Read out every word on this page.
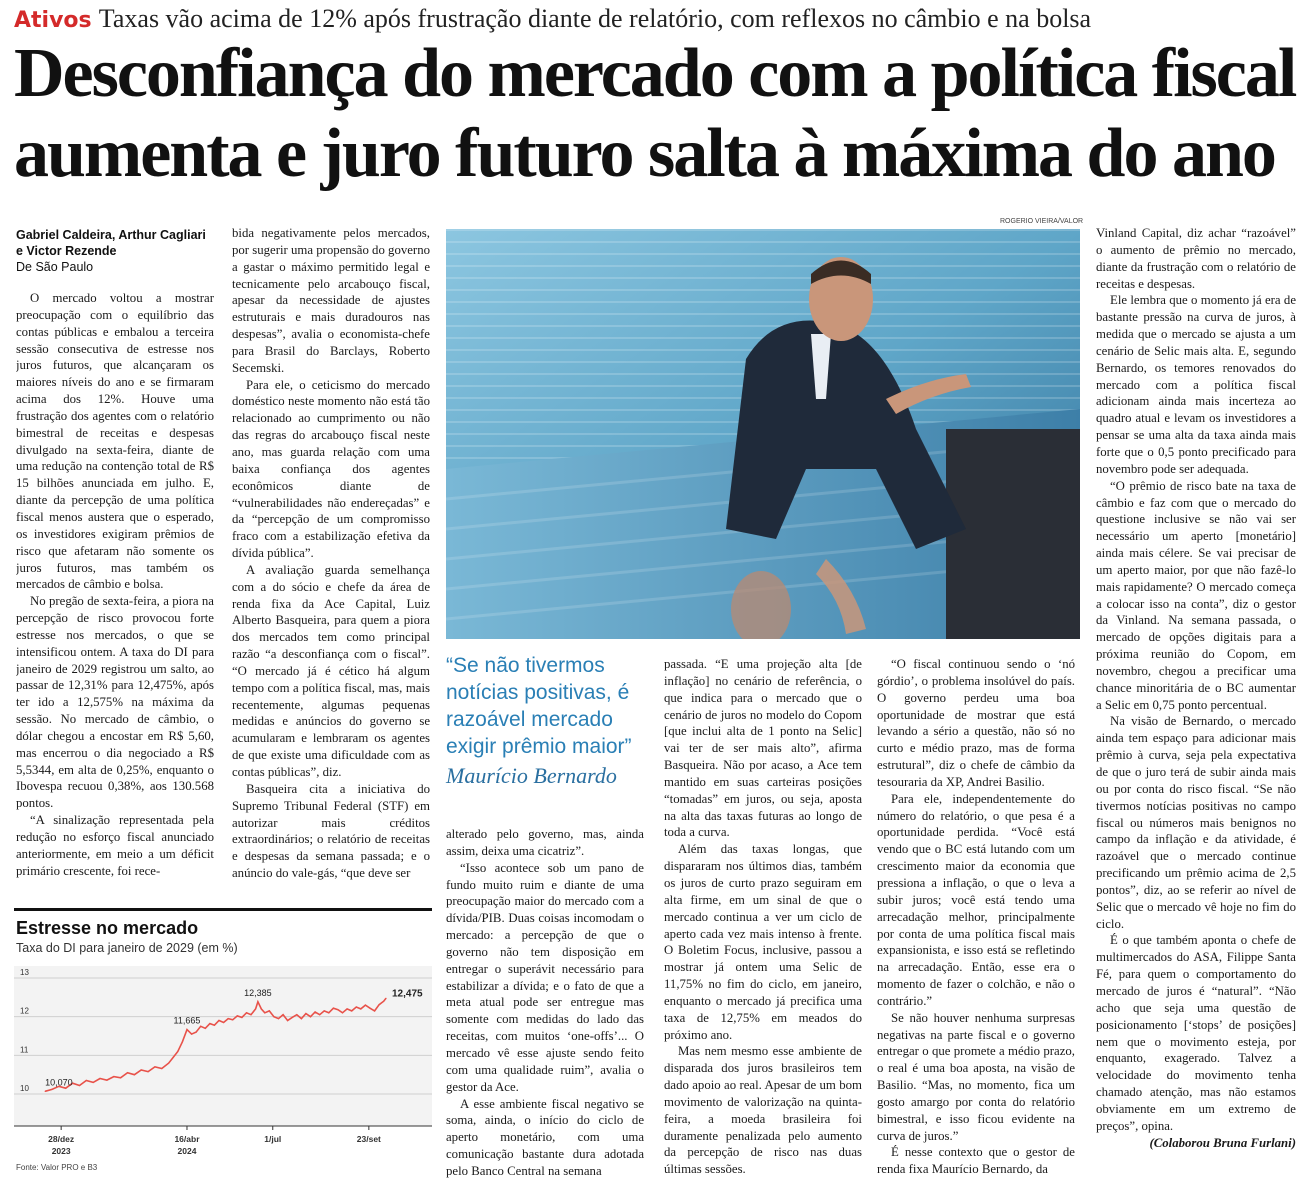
Ativos Taxas vão acima de 12% após frustração diante de relatório, com reflexos no câmbio e na bolsa
Desconfiança do mercado com a política fiscal
aumenta e juro futuro salta à máxima do ano
Gabriel Caldeira, Arthur Cagliari e Victor Rezende
De São Paulo

O mercado voltou a mostrar preocupação com o equilíbrio das contas públicas e embalou a terceira sessão consecutiva de estresse nos juros futuros, que alcançaram os maiores níveis do ano e se firmaram acima dos 12%. Houve uma frustração dos agentes com o relatório bimestral de receitas e despesas divulgado na sexta-feira, diante de uma redução na contenção total de R$ 15 bilhões anunciada em julho. E, diante da percepção de uma política fiscal menos austera que o esperado, os investidores exigiram prêmios de risco que afetaram não somente os juros futuros, mas também os mercados de câmbio e bolsa.

No pregão de sexta-feira, a piora na percepção de risco provocou forte estresse nos mercados, o que se intensificou ontem. A taxa do DI para janeiro de 2029 registrou um salto, ao passar de 12,31% para 12,475%, após ter ido a 12,575% na máxima da sessão. No mercado de câmbio, o dólar chegou a encostar em R$ 5,60, mas encerrou o dia negociado a R$ 5,5344, em alta de 0,25%, enquanto o Ibovespa recuou 0,38%, aos 130.568 pontos.

“A sinalização representada pela redução no esforço fiscal anunciado anteriormente, em meio a um déficit primário crescente, foi rece-

bida negativamente pelos mercados, por sugerir uma propensão do governo a gastar o máximo permitido legal e tecnicamente pelo arcabouço fiscal, apesar da necessidade de ajustes estruturais e mais duradouros nas despesas”, avalia o economista-chefe para Brasil do Barclays, Roberto Secemski.

Para ele, o ceticismo do mercado doméstico neste momento não está tão relacionado ao cumprimento ou não das regras do arcabouço fiscal neste ano, mas guarda relação com uma baixa confiança dos agentes econômicos diante de “vulnerabilidades não endereçadas” e da “percepção de um compromisso fraco com a estabilização efetiva da dívida pública”.

A avaliação guarda semelhança com a do sócio e chefe da área de renda fixa da Ace Capital, Luiz Alberto Basqueira, para quem a piora dos mercados tem como principal razão “a desconfiança com o fiscal”. “O mercado já é cético há algum tempo com a política fiscal, mas, mais recentemente, algumas pequenas medidas e anúncios do governo se acumularam e lembraram os agentes de que existe uma dificuldade com as contas públicas”, diz.

Basqueira cita a iniciativa do Supremo Tribunal Federal (STF) em autorizar mais créditos extraordinários; o relatório de receitas e despesas da semana passada; e o anúncio do vale-gás, “que deve ser

alterado pelo governo, mas, ainda assim, deixa uma cicatriz”.

“Isso acontece sob um pano de fundo muito ruim e diante de uma preocupação maior do mercado com a dívida/PIB. Duas coisas incomodam o mercado: a percepção de que o governo não tem disposição em entregar o superávit necessário para estabilizar a dívida; e o fato de que a meta atual pode ser entregue mas somente com medidas do lado das receitas, com muitos ‘one-offs’... O mercado vê esse ajuste sendo feito com uma qualidade ruim”, avalia o gestor da Ace.

A esse ambiente fiscal negativo se soma, ainda, o início do ciclo de aperto monetário, com uma comunicação bastante dura adotada pelo Banco Central na semana

passada. “E uma projeção alta [de inflação] no cenário de referência, o que indica para o mercado que o cenário de juros no modelo do Copom [que inclui alta de 1 ponto na Selic] vai ter de ser mais alto”, afirma Basqueira. Não por acaso, a Ace tem mantido em suas carteiras posições “tomadas” em juros, ou seja, aposta na alta das taxas futuras ao longo de toda a curva.

Além das taxas longas, que dispararam nos últimos dias, também os juros de curto prazo seguiram em alta firme, em um sinal de que o mercado continua a ver um ciclo de aperto cada vez mais intenso à frente. O Boletim Focus, inclusive, passou a mostrar já ontem uma Selic de 11,75% no fim do ciclo, em janeiro, enquanto o mercado já precifica uma taxa de 12,75% em meados do próximo ano.

Mas nem mesmo esse ambiente de disparada dos juros brasileiros tem dado apoio ao real. Apesar de um bom movimento de valorização na quinta-feira, a moeda brasileira foi duramente penalizada pelo aumento da percepção de risco nas duas últimas sessões.

“O fiscal continuou sendo o ‘nó górdio’, o problema insolúvel do país. O governo perdeu uma boa oportunidade de mostrar que está levando a sério a questão, não só no curto e médio prazo, mas de forma estrutural”, diz o chefe de câmbio da tesouraria da XP, Andrei Basilio.

Para ele, independentemente do número do relatório, o que pesa é a oportunidade perdida. “Você está vendo que o BC está lutando com um crescimento maior da economia que pressiona a inflação, o que o leva a subir juros; você está tendo uma arrecadação melhor, principalmente por conta de uma política fiscal mais expansionista, e isso está se refletindo na arrecadação. Então, esse era o momento de fazer o colchão, e não o contrário.”

Se não houver nenhuma surpresas negativas na parte fiscal e o governo entregar o que promete a médio prazo, o real é uma boa aposta, na visão de Basilio. “Mas, no momento, fica um gosto amargo por conta do relatório bimestral, e isso ficou evidente na curva de juros.”

É nesse contexto que o gestor de renda fixa Maurício Bernardo, da

Vinland Capital, diz achar “razoável” o aumento de prêmio no mercado, diante da frustração com o relatório de receitas e despesas.

Ele lembra que o momento já era de bastante pressão na curva de juros, à medida que o mercado se ajusta a um cenário de Selic mais alta. E, segundo Bernardo, os temores renovados do mercado com a política fiscal adicionam ainda mais incerteza ao quadro atual e levam os investidores a pensar se uma alta da taxa ainda mais forte que o 0,5 ponto precificado para novembro pode ser adequada.

“O prêmio de risco bate na taxa de câmbio e faz com que o mercado do questione inclusive se não vai ser necessário um aperto [monetário] ainda mais célere. Se vai precisar de um aperto maior, por que não fazê-lo mais rapidamente? O mercado começa a colocar isso na conta”, diz o gestor da Vinland. Na semana passada, o mercado de opções digitais para a próxima reunião do Copom, em novembro, chegou a precificar uma chance minoritária de o BC aumentar a Selic em 0,75 ponto percentual.

Na visão de Bernardo, o mercado ainda tem espaço para adicionar mais prêmio à curva, seja pela expectativa de que o juro terá de subir ainda mais ou por conta do risco fiscal. “Se não tivermos notícias positivas no campo fiscal ou números mais benignos no campo da inflação e da atividade, é razoável que o mercado continue precificando um prêmio acima de 2,5 pontos”, diz, ao se referir ao nível de Selic que o mercado vê hoje no fim do ciclo.

É o que também aponta o chefe de multimercados do ASA, Filippe Santa Fé, para quem o comportamento do mercado de juros é “natural”. “Não acho que seja uma questão de posicionamento [‘stops’ de posições] nem que o movimento esteja, por enquanto, exagerado. Talvez a velocidade do movimento tenha chamado atenção, mas não estamos obviamente em um extremo de preços”, opina.

(Colaborou Bruna Furlani)

ROGERIO VIEIRA/VALOR
“Se não tivermos notícias positivas, é razoável mercado exigir prêmio maior”
Maurício Bernardo
Estresse no mercado
Taxa do DI para janeiro de 2029 (em %)
13
12
11
10
28/dez
2023
16/abr
2024
1/jul	23/set
10,070
11,665
12,385	12,475
Fonte: Valor PRO e B3
